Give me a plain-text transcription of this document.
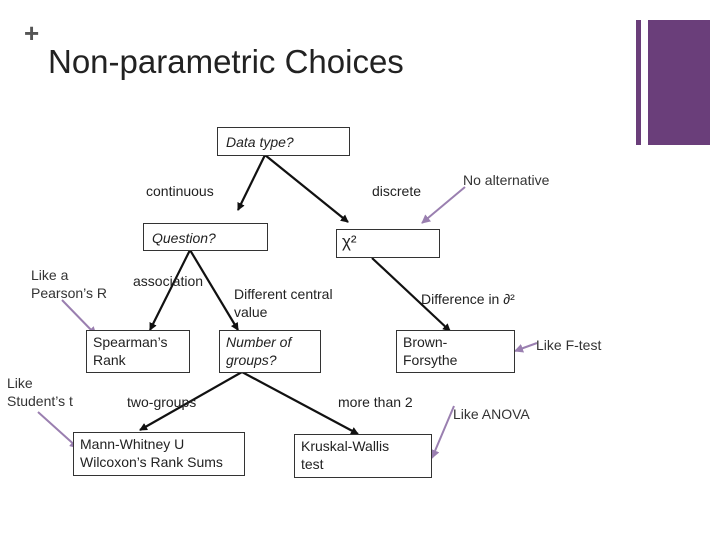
+
Non-parametric Choices
Data type?
Question?	χ²
Spearman’s
Rank
Number of
groups?
Brown-
Forsythe
Mann-Whitney U
Wilcoxon’s Rank Sums
Kruskal-Wallis
test
continuous	discrete
association
Different central value
Difference in ∂²
two-groups	more than 2
No alternative
Like a
Pearson’s R
Like
Student’s t
Like F-test
Like ANOVA
